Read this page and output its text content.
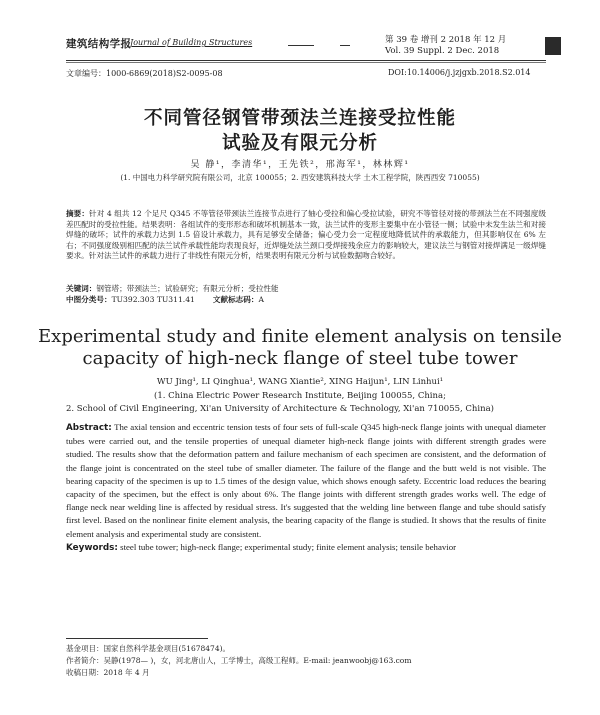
建筑结构学报
Journal of Building Structures	第 39 卷 增刊 2 2018 年 12 月
Vol. 39 Suppl. 2 Dec. 2018
文章编号：1000-6869(2018)S2-0095-08	DOI:10.14006/j.jzjgxb.2018.S2.014
不同管径钢管带颈法兰连接受拉性能
试验及有限元分析
吴 静¹，李清华¹，王先铁²，邢海军¹，林林辉¹
(1. 中国电力科学研究院有限公司，北京 100055；2. 西安建筑科技大学 土木工程学院，陕西西安 710055)
摘要：针对 4 组共 12 个足尺 Q345 不等管径带颈法兰连接节点进行了轴心受拉和偏心受拉试验，研究不等管径对接的带颈法兰在不同强度级差匹配时的受拉性能。结果表明：各组试件的变形形态和破坏机制基本一致，法兰试件的变形主要集中在小管径一侧；试验中未发生法兰和对接焊缝的破坏；试件的承载力达到 1.5 倍设计承载力，具有足够安全储备；偏心受力会一定程度地降低试件的承载能力，但其影响仅在 6% 左右；不同强度级别相匹配的法兰试件承载性能均表现良好，近焊缝处法兰颈口受焊接残余应力的影响较大，建议法兰与钢管对接焊满足一级焊缝要求。针对法兰试件的承载力进行了非线性有限元分析，结果表明有限元分析与试验数据吻合较好。
关键词：钢管塔；带颈法兰；试验研究；有限元分析；受拉性能
中图分类号：TU392.303 TU311.41 文献标志码：A
Experimental study and finite element analysis on tensile
capacity of high-neck flange of steel tube tower
WU Jing¹, LI Qinghua¹, WANG Xiantie², XING Haijun¹, LIN Linhui¹
(1. China Electric Power Research Institute, Beijing 100055, China;
2. School of Civil Engineering, Xi'an University of Architecture & Technology, Xi'an 710055, China)
Abstract: The axial tension and eccentric tension tests of four sets of full-scale Q345 high-neck flange joints with unequal diameter tubes were carried out, and the tensile properties of unequal diameter high-neck flange joints with different strength grades were studied. The results show that the deformation pattern and failure mechanism of each specimen are consistent, and the deformation of the flange joint is concentrated on the steel tube of smaller diameter. The failure of the flange and the butt weld is not visible. The bearing capacity of the specimen is up to 1.5 times of the design value, which shows enough safety. Eccentric load reduces the bearing capacity of the specimen, but the effect is only about 6%. The flange joints with different strength grades works well. The edge of flange neck near welding line is affected by residual stress. It's suggested that the welding line between flange and tube should satisfy first level. Based on the nonlinear finite element analysis, the bearing capacity of the flange is studied. It shows that the results of finite element analysis and experimental study are consistent.
Keywords: steel tube tower; high-neck flange; experimental study; finite element analysis; tensile behavior
基金项目：国家自然科学基金项目(51678474)。
作者简介：吴静(1978— )，女，河北唐山人，工学博士，高级工程师。E-mail: jeanwoobj@163.com
收稿日期：2018 年 4 月
